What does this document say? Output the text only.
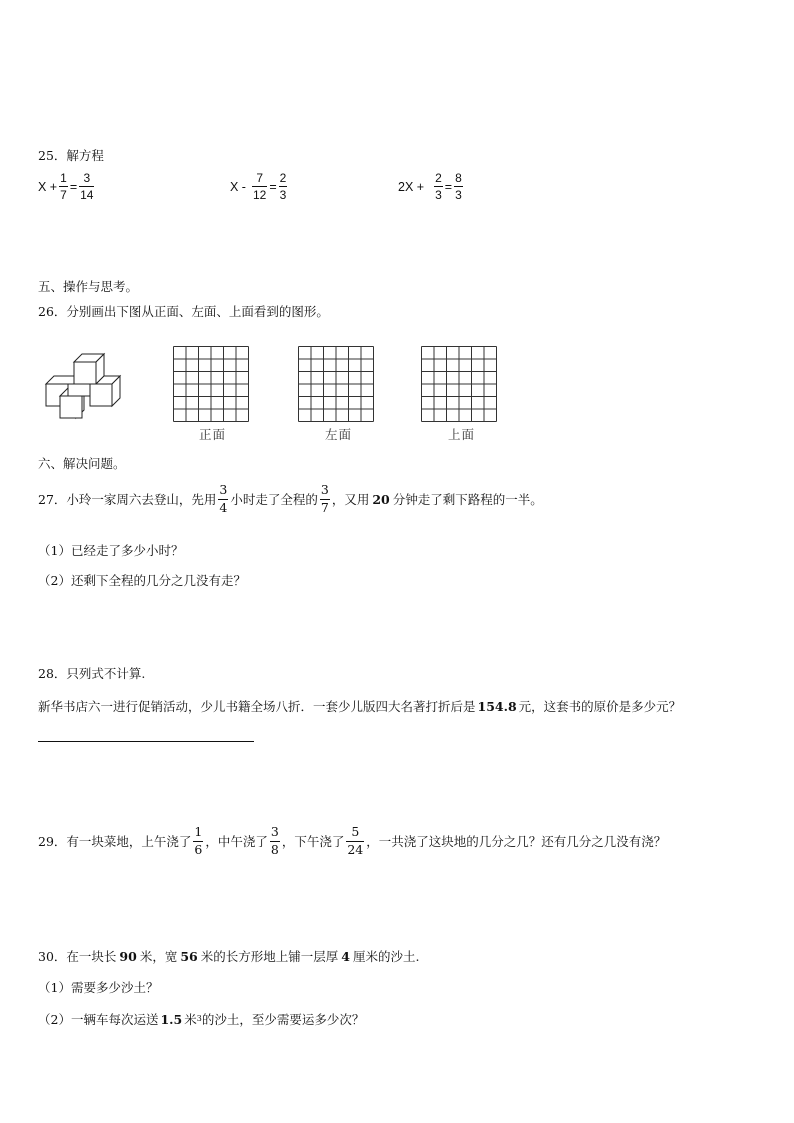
25．解方程
$X + \frac{1}{7} = \frac{3}{14}$	$X - \frac{7}{12} = \frac{2}{3}$	$2X + \frac{2}{3} = \frac{8}{3}$
五、操作与思考。
26．分别画出下图从正面、左面、上面看到的图形。
正面	左面	上面
六、解决问题。
27．小玲一家周六去登山，先用 $\frac{3}{4}$ 小时走了全程的 $\frac{3}{7}$ ，又用 20 分钟走了剩下路程的一半。
（1）已经走了多少小时？
（2）还剩下全程的几分之几没有走？
28．只列式不计算.
新华书店六一进行促销活动，少儿书籍全场八折．一套少儿版四大名著打折后是 154.8 元，这套书的原价是多少元？
29．有一块菜地，上午浇了 $\frac{1}{6}$ ，中午浇了 $\frac{3}{8}$ ，下午浇了 $\frac{5}{24}$ ，一共浇了这块地的几分之几？还有几分之几没有浇？
30．在一块长 90 米，宽 56 米的长方形地上铺一层厚 4 厘米的沙土.
（1）需要多少沙土？
（2）一辆车每次运送 1.5 米 3 的沙土，至少需要运多少次？
